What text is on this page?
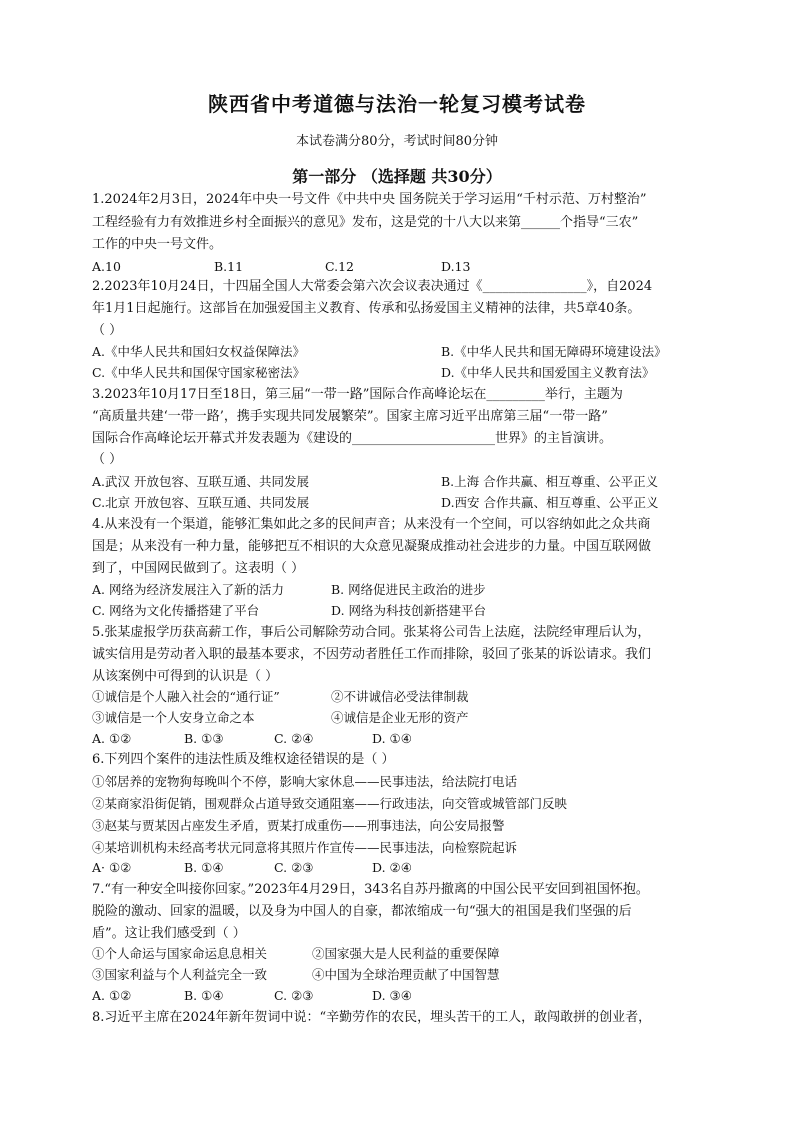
陕西省中考道德与法治一轮复习模考试卷
本试卷满分80分，考试时间80分钟
第一部分 （选择题 共30分）
1.2024年2月3日，2024年中央一号文件《中共中央 国务院关于学习运用“千村示范、万村整治”
工程经验有力有效推进乡村全面振兴的意见》发布，这是党的十八大以来第______个指导“三农”
工作的中央一号文件。
A.10	B.11	C.12	D.13
2.2023年10月24日，十四届全国人大常委会第六次会议表决通过《________________》，自2024
年1月1日起施行。这部旨在加强爱国主义教育、传承和弘扬爱国主义精神的法律，共5章40条。
（ ）
A.《中华人民共和国妇女权益保障法》	B.《中华人民共和国无障碍环境建设法》
C.《中华人民共和国保守国家秘密法》	D.《中华人民共和国爱国主义教育法》
3.2023年10月17日至18日，第三届“一带一路”国际合作高峰论坛在_________举行，主题为
“高质量共建‘一带一路’，携手实现共同发展繁荣”。国家主席习近平出席第三届“一带一路”
国际合作高峰论坛开幕式并发表题为《建设的______________________世界》的主旨演讲。
（ ）
A.武汉 开放包容、互联互通、共同发展	B.上海 合作共赢、相互尊重、公平正义
C.北京 开放包容、互联互通、共同发展	D.西安 合作共赢、相互尊重、公平正义
4.从来没有一个渠道，能够汇集如此之多的民间声音；从来没有一个空间，可以容纳如此之众共商
国是；从来没有一种力量，能够把互不相识的大众意见凝聚成推动社会进步的力量。中国互联网做
到了，中国网民做到了。这表明（ ）
A. 网络为经济发展注入了新的活力	B. 网络促进民主政治的进步
C. 网络为文化传播搭建了平台	D. 网络为科技创新搭建平台
5.张某虚报学历获高薪工作，事后公司解除劳动合同。张某将公司告上法庭，法院经审理后认为，
诚实信用是劳动者入职的最基本要求，不因劳动者胜任工作而排除，驳回了张某的诉讼请求。我们
从该案例中可得到的认识是（ ）
①诚信是个人融入社会的“通行证”	②不讲诚信必受法律制裁
③诚信是一个人安身立命之本	④诚信是企业无形的资产
A. ①②	B. ①③	C. ②④	D. ①④
6.下列四个案件的违法性质及维权途径错误的是（ ）
①邻居养的宠物狗每晚叫个不停，影响大家休息——民事违法，给法院打电话
②某商家沿街促销，围观群众占道导致交通阻塞——行政违法，向交管或城管部门反映
③赵某与贾某因占座发生矛盾，贾某打成重伤——刑事违法，向公安局报警
④某培训机构未经高考状元同意将其照片作宣传——民事违法，向检察院起诉
A· ①②	B. ①④	C. ②③	D. ②④
7.“有一种安全叫接你回家。”2023年4月29日，343名自苏丹撤离的中国公民平安回到祖国怀抱。
脱险的激动、回家的温暖，以及身为中国人的自豪，都浓缩成一句“强大的祖国是我们坚强的后
盾”。这让我们感受到（ ）
①个人命运与国家命运息息相关	②国家强大是人民利益的重要保障
③国家利益与个人利益完全一致	④中国为全球治理贡献了中国智慧
A. ①②	B. ①④	C. ②③	D. ③④
8.习近平主席在2024年新年贺词中说：“辛勤劳作的农民，埋头苦干的工人，敢闯敢拼的创业者，
